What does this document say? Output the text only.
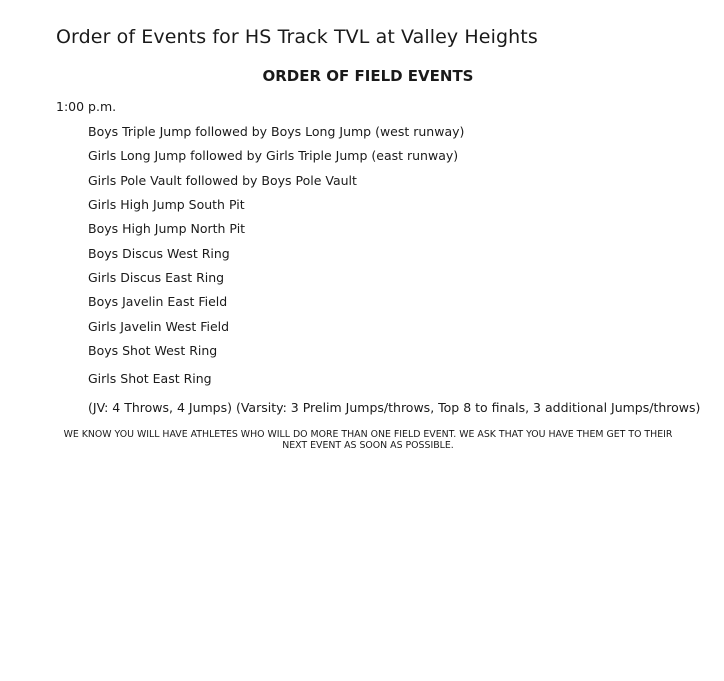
Order of Events for HS Track TVL at Valley Heights
ORDER OF FIELD EVENTS
1:00 p.m.
Boys Triple Jump followed by Boys Long Jump (west runway)
Girls Long Jump followed by Girls Triple Jump (east runway)
Girls Pole Vault followed by Boys Pole Vault
Girls High Jump South Pit
Boys High Jump North Pit
Boys Discus West Ring
Girls Discus East Ring
Boys Javelin East Field
Girls Javelin West Field
Boys Shot West Ring
Girls Shot East Ring
(JV: 4 Throws, 4 Jumps) (Varsity: 3 Prelim Jumps/throws, Top 8 to finals, 3 additional Jumps/throws)
WE KNOW YOU WILL HAVE ATHLETES WHO WILL DO MORE THAN ONE FIELD EVENT. WE ASK THAT YOU HAVE THEM GET TO THEIR NEXT EVENT AS SOON AS POSSIBLE.
